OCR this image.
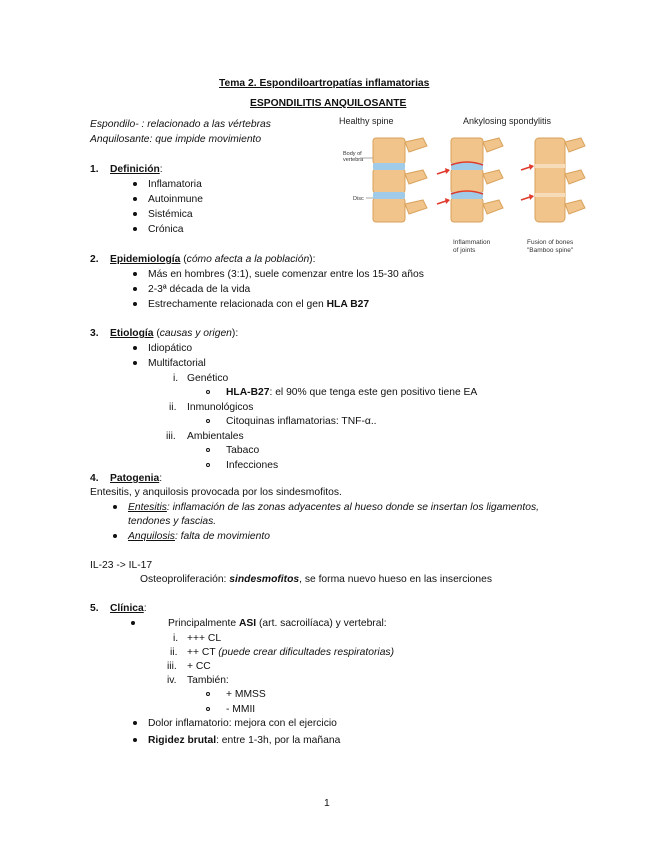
Tema 2. Espondiloartropatías inflamatorias
ESPONDILITIS ANQUILOSANTE
Espondilo- : relacionado a las vértebras
Anquilosante: que impide movimiento
Healthy spine	Ankylosing spondylitis
Body of
vertebra
Disc
Inflammation
of joints
Fusion of bones
"Bamboo spine"
1. Definición:
Inflamatoria
Autoinmune
Sistémica
Crónica
2. Epidemiología (cómo afecta a la población):
Más en hombres (3:1), suele comenzar entre los 15-30 años
2-3ª década de la vida
Estrechamente relacionada con el gen HLA B27
3. Etiología (causas y origen):
Idiopático
Multifactorial
i. Genético
HLA-B27: el 90% que tenga este gen positivo tiene EA
ii. Inmunológicos
Citoquinas inflamatorias: TNF-α..
iii. Ambientales
Tabaco
Infecciones
4. Patogenia:
Entesitis, y anquilosis provocada por los sindesmofitos.
Entesitis: inflamación de las zonas adyacentes al hueso donde se insertan los ligamentos,
tendones y fascias.
Anquilosis: falta de movimiento
IL-23 -> IL-17
Osteoproliferación: sindesmofitos, se forma nuevo hueso en las inserciones
5. Clínica:
Principalmente ASI (art. sacroilíaca) y vertebral:
i. +++ CL
ii. ++ CT (puede crear dificultades respiratorias)
iii. + CC
iv. También:
+ MMSS
- MMII
Dolor inflamatorio: mejora con el ejercicio
Rigidez brutal: entre 1-3h, por la mañana
1
